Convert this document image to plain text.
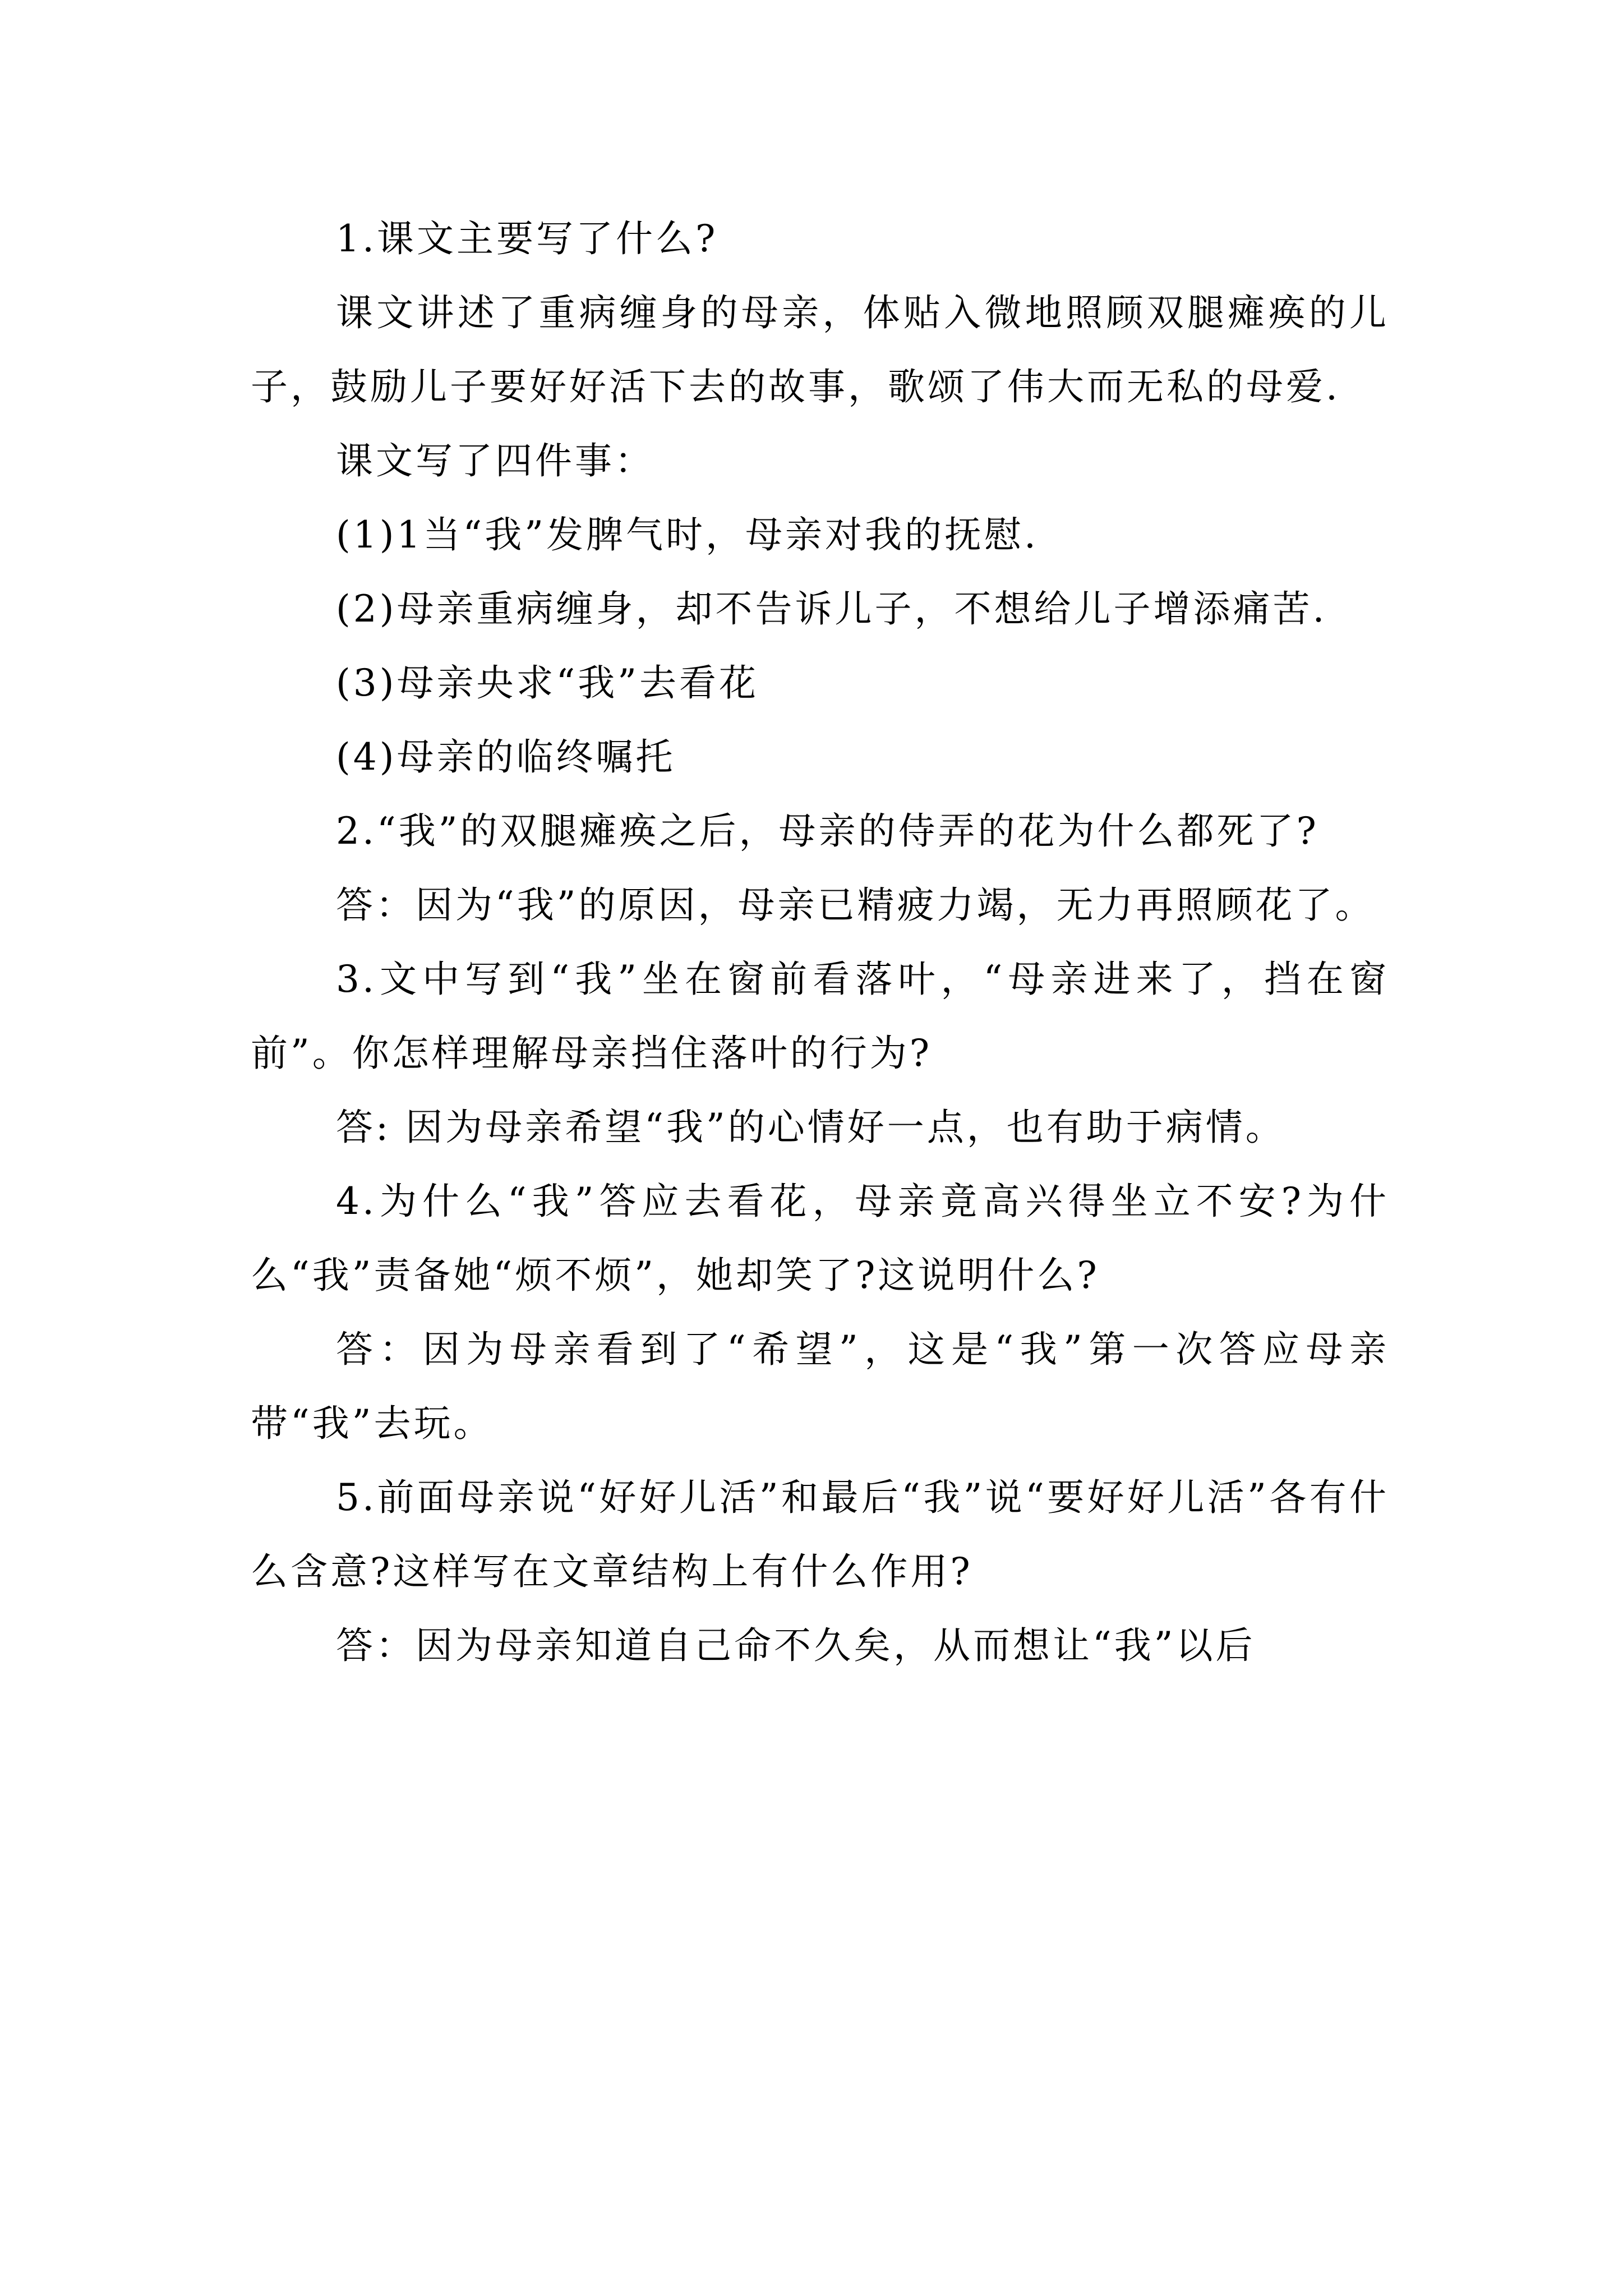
1.课文主要写了什么?

课文讲述了重病缠身的母亲，体贴入微地照顾双腿瘫痪的儿子，鼓励儿子要好好活下去的故事，歌颂了伟大而无私的母爱.

课文写了四件事：

(1)1当“我”发脾气时，母亲对我的抚慰.

(2)母亲重病缠身，却不告诉儿子，不想给儿子增添痛苦.

(3)母亲央求“我”去看花

(4)母亲的临终嘱托

2.“我”的双腿瘫痪之后，母亲的侍弄的花为什么都死了?

答：因为“我”的原因，母亲已精疲力竭，无力再照顾花了。

3.文中写到“我”坐在窗前看落叶，“母亲进来了，挡在窗前”。你怎样理解母亲挡住落叶的行为?

答: 因为母亲希望“我”的心情好一点，也有助于病情。

4.为什么“我”答应去看花，母亲竟高兴得坐立不安?为什么“我”责备她“烦不烦”，她却笑了?这说明什么?

答：因为母亲看到了“希望”，这是“我”第一次答应母亲带“我”去玩。

5.前面母亲说“好好儿活”和最后“我”说“要好好儿活”各有什么含意?这样写在文章结构上有什么作用?

答：因为母亲知道自己命不久矣，从而想让“我”以后
